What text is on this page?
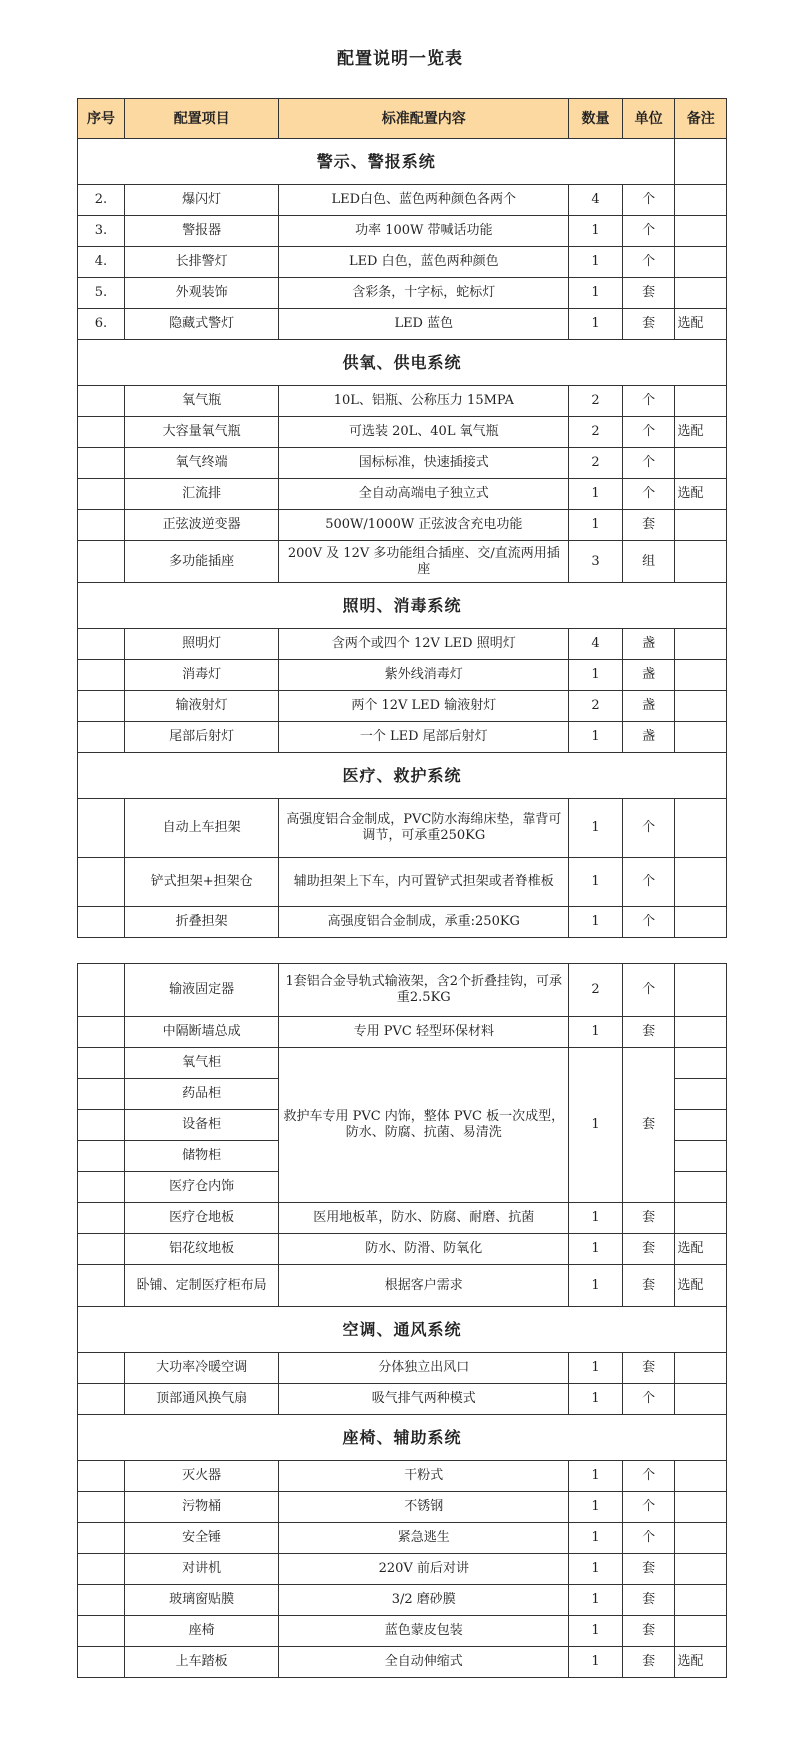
配置说明一览表
序号	配置项目	标准配置内容	数量	单位	备注
警示、警报系统					
2.	爆闪灯	LED白色、蓝色两种颜色各两个	4	个	
3.	警报器	功率 100W 带喊话功能	1	个	
4.	长排警灯	LED 白色，蓝色两种颜色	1	个	
5.	外观装饰	含彩条，十字标，蛇标灯	1	套	
6.	隐藏式警灯	LED 蓝色	1	套	选配
供氧、供电系统					
	氧气瓶	10L、铝瓶、公称压力 15MPA	2	个	
	大容量氧气瓶	可选装 20L、40L 氧气瓶	2	个	选配
	氧气终端	国标标准，快速插接式	2	个	
	汇流排	全自动高端电子独立式	1	个	选配
	正弦波逆变器	500W/1000W 正弦波含充电功能	1	套	
	多功能插座	200V 及 12V 多功能组合插座、交/直流两用插座	3	组	
照明、消毒系统					
	照明灯	含两个或四个 12V LED 照明灯	4	盏	
	消毒灯	紫外线消毒灯	1	盏	
	输液射灯	两个 12V LED 输液射灯	2	盏	
	尾部后射灯	一个 LED 尾部后射灯	1	盏	
医疗、救护系统					
	自动上车担架	高强度铝合金制成，PVC防水海绵床垫，靠背可调节，可承重250KG	1	个	
	铲式担架+担架仓	辅助担架上下车，内可置铲式担架或者脊椎板	1	个	
	折叠担架	高强度铝合金制成，承重:250KG	1	个	
	输液固定器	1套铝合金导轨式输液架，含2个折叠挂钩，可承重2.5KG	2	个	
	中隔断墙总成	专用 PVC 轻型环保材料	1	套	
	氧气柜	救护车专用 PVC 内饰，整体 PVC 板一次成型，防水、防腐、抗菌、易清洗	1	套	
	药品柜				
	设备柜				
	储物柜				
	医疗仓内饰				
	医疗仓地板	医用地板革，防水、防腐、耐磨、抗菌	1	套	
	铝花纹地板	防水、防滑、防氧化	1	套	选配
	卧铺、定制医疗柜布局	根据客户需求	1	套	选配
空调、通风系统					
	大功率冷暖空调	分体独立出风口	1	套	
	顶部通风换气扇	吸气排气两种模式	1	个	
座椅、辅助系统					
	灭火器	干粉式	1	个	
	污物桶	不锈钢	1	个	
	安全锤	紧急逃生	1	个	
	对讲机	220V 前后对讲	1	套	
	玻璃窗贴膜	3/2 磨砂膜	1	套	
	座椅	蓝色蒙皮包装	1	套	
	上车踏板	全自动伸缩式	1	套	选配
